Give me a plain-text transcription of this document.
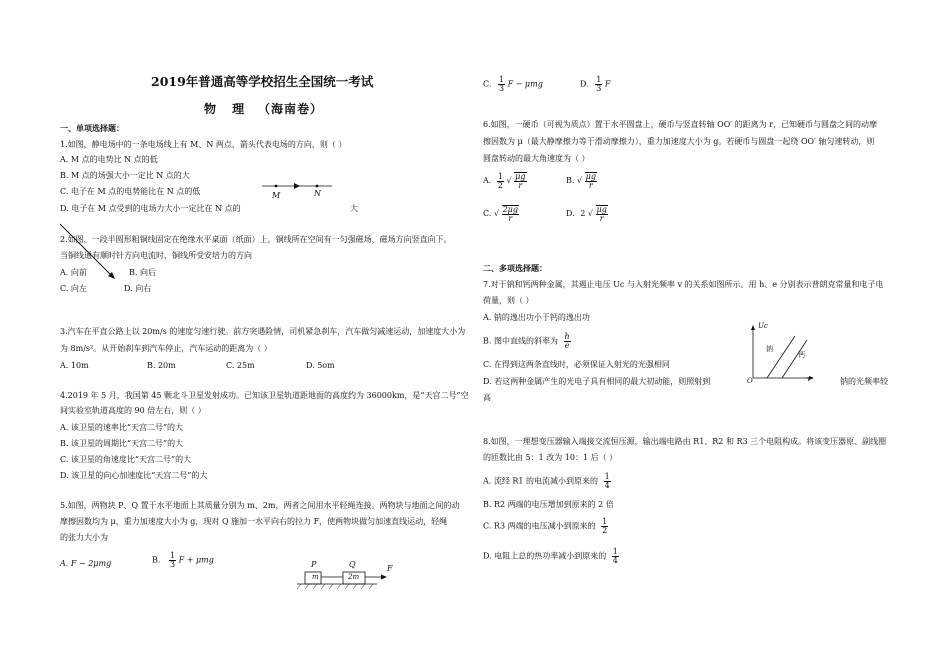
2019年普通高等学校招生全国统一考试
物 理 （海南卷）
一、单项选择题：
1.如图，静电场中的一条电场线上有 M、N 两点，箭头代表电场的方向，则（ ）
A. M 点的电势比 N 点的低
B. M 点的场强大小一定比 N 点的大
C. 电子在 M 点的电势能比在 N 点的低
D. 电子在 M 点受到的电场力大小一定比在 N 点的	大
M	N
2.如图，一段半圆形粗铜线固定在绝缘水平桌面（纸面）上，铜线所在空间有一匀强磁场，磁场方向竖直向下。
当铜线通有顺时针方向电流时，铜线所受安培力的方向
A. 向前	B. 向后
C. 向左	D. 向右
3.汽车在平直公路上以 20m/s 的速度匀速行驶。前方突遇险情，司机紧急刹车，汽车做匀减速运动，加速度大小为
为 8m/s²。从开始刹车到汽车停止，汽车运动的距离为（ ）
A. 10m	B. 20m	C. 25m	D. 5om
4.2019 年 5 月，我国第 45 颗北斗卫星发射成功。已知该卫星轨道距地面的高度约为 36000km，是“天宫二号”空
间实验室轨道高度的 90 倍左右，则（ ）
A. 该卫星的速率比“天宫二号”的大
B. 该卫星的周期比“天宫二号”的大
C. 该卫星的角速度比“天宫二号”的大
D. 该卫星的向心加速度比“天宫二号”的大
5.如图，两物块 P、Q 置于水平地面上其质量分别为 m、2m，两者之间用水平轻绳连接。两物块与地面之间的动
摩擦因数均为 μ，重力加速度大小为 g，现对 Q 施加一水平向右的拉力 F，使两物块做匀加速直线运动，轻绳
的张力大小为
A. F − 2μmg	B. $\frac{1}{3}$ F + μmg	P	Q
m	2m
F
C. $\frac{1}{3}$ F − μmg	D. $\frac{1}{3}$ F
6.如图，一硬币（可视为质点）置于水平圆盘上，硬币与竖直转轴 OO′ 的距离为 r，已知硬币与圆盘之间的动摩
擦因数为 μ（最大静摩擦力等于滑动摩擦力），重力加速度大小为 g。若硬币与圆盘一起绕 OO′ 轴匀速转动，则
圆盘转动的最大角速度为（ ）
A. $\frac{1}{2}$ √ $\frac{\mu g}{r}$	B. √ $\frac{\mu g}{r}$
C. √ $\frac{2\mu g}{r}$	D. 2 √ $\frac{\mu g}{r}$
二、多项选择题：
7.对于钠和钙两种金属，其遏止电压 Uc 与入射光频率 v 的关系如图所示。用 h、e 分别表示普朗克常量和电子电
荷量，则（ ）
A. 钠的逸出功小于钙的逸出功
B. 图中直线的斜率为 $\frac{h}{e}$
C. 在得到这两条直线时，必须保证入射光的光强相同
D. 若这两种金属产生的光电子具有相同的最大初动能，则照射到	钠的光频率较
高
Uc
v
O
钠
钙
8.如图，一理想变压器输入端接交流恒压源，输出端电路由 R1、R2 和 R3 三个电阻构成。将该变压器原、副线圈
的匝数比由 5：1 改为 10：1 后（ ）
A. 流经 R1 的电流减小到原来的 $\frac{1}{4}$
B. R2 两端的电压增加到原来的 2 倍
C. R3 两端的电压减小到原来的 $\frac{1}{2}$
D. 电阻上总的热功率减小到原来的 $\frac{1}{4}$
